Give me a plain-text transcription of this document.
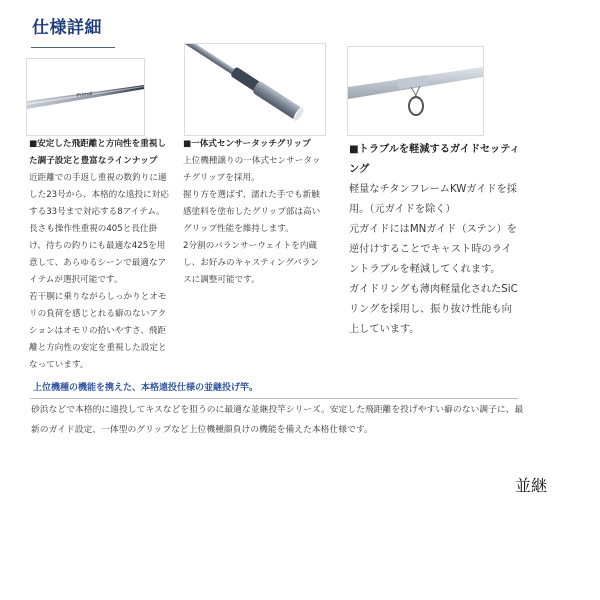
仕様詳細
Primal
■安定した飛距離と方向性を重視した調子設定と豊富なラインナップ
近距離での手返し重視の数釣りに適した23号から、本格的な遠投に対応する33号まで対応する8アイテム。長さも操作性重視の405と長仕掛け、待ちの釣りにも最適な425を用意して、あらゆるシーンで最適なアイテムが選択可能です。
若干胴に乗りながらしっかりとオモリの負荷を感じとれる癖のないアクションはオモリの拾いやすさ、飛距離と方向性の安定を重視した設定となっています。
■一体式センサータッチグリップ
上位機種譲りの一体式センサータッチグリップを採用。
握り方を選ばず、濡れた手でも新触感塗料を塗布したグリップ部は高いグリップ性能を維持します。
2分割のバランサーウェイトを内蔵し、お好みのキャスティングバランスに調整可能です。
■トラブルを軽減するガイドセッティング
軽量なチタンフレームKWガイドを採用。（元ガイドを除く）
元ガイドにはMNガイド（ステン）を逆付けすることでキャスト時のライントラブルを軽減してくれます。
ガイドリングも薄肉軽量化されたSiCリングを採用し、振り抜け性能も向上しています。
上位機種の機能を携えた、本格遠投仕様の並継投げ竿。
砂浜などで本格的に遠投してキスなどを狙うのに最適な並継投竿シリーズ。安定した飛距離を投げやすい癖のない調子に、最新のガイド設定、一体型のグリップなど上位機種顔負けの機能を備えた本格仕様です。
並継
